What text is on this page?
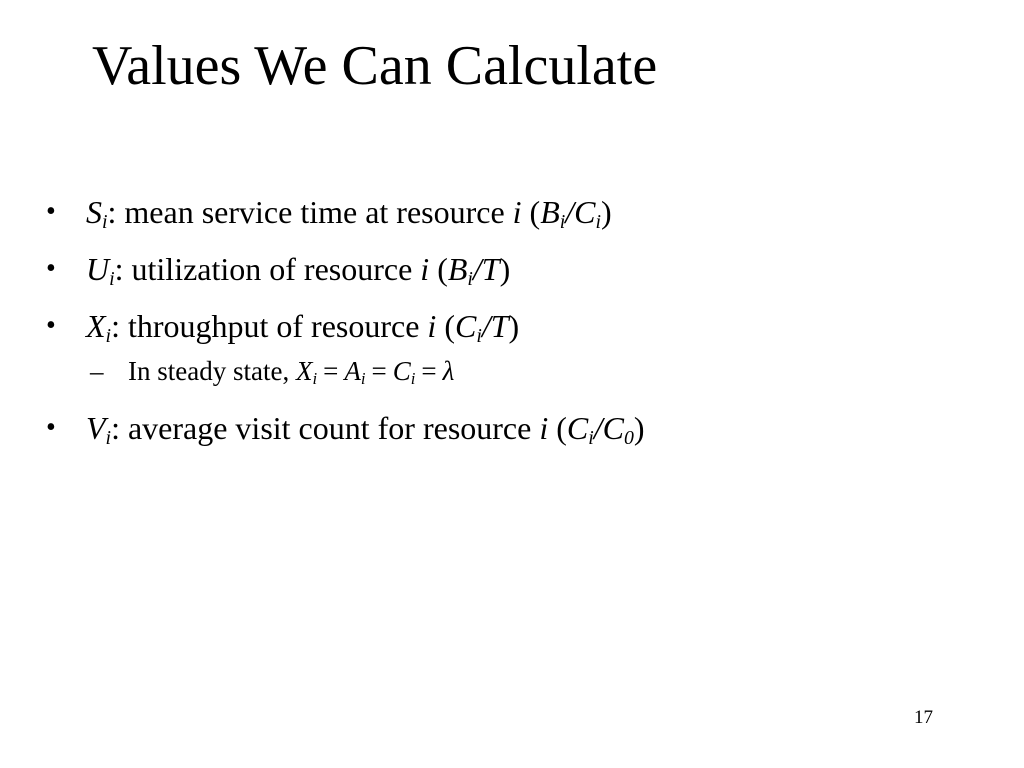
Values We Can Calculate
• $S_i$: mean service time at resource i $(B_i/C_i)$
• $U_i$: utilization of resource i $(B_i/T)$
• $X_i$: throughput of resource i $(C_i/T)$
– In steady state, $X_i = A_i = C_i = \lambda$
• $V_i$: average visit count for resource i $(C_i/C_0)$
17
